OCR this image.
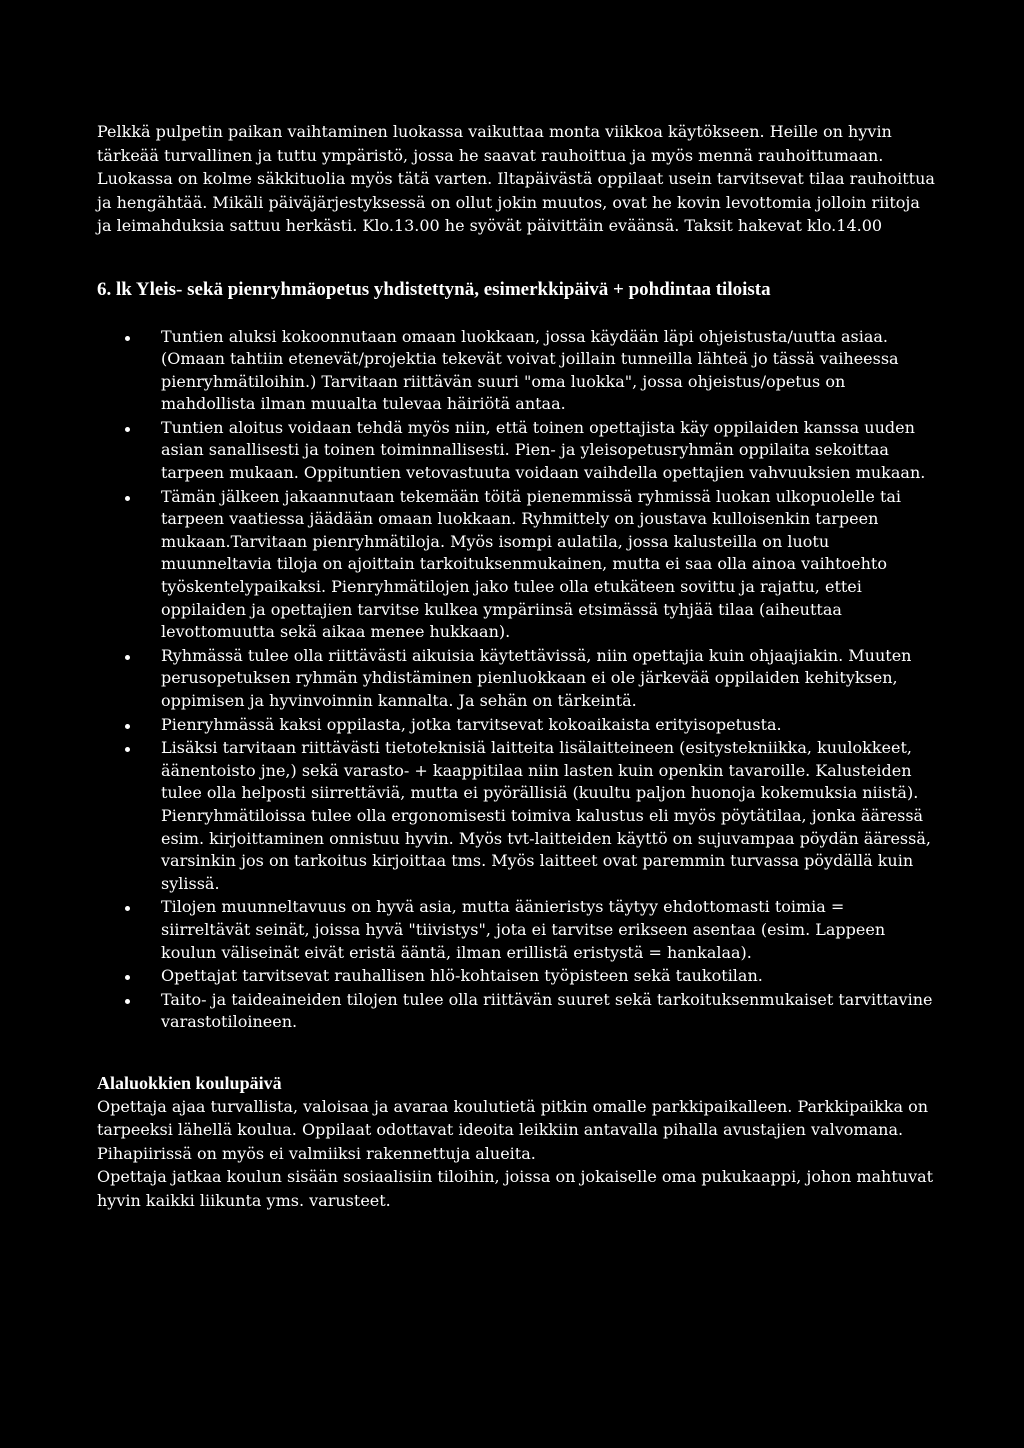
Pelkkä pulpetin paikan vaihtaminen luokassa vaikuttaa monta viikkoa käytökseen. Heille on hyvin tärkeää turvallinen ja tuttu ympäristö, jossa he saavat rauhoittua ja myös mennä rauhoittumaan. Luokassa on kolme säkkituolia myös tätä varten. Iltapäivästä oppilaat usein tarvitsevat tilaa rauhoittua ja hengähtää. Mikäli päiväjärjestyksessä on ollut jokin muutos, ovat he kovin levottomia jolloin riitoja ja leimahduksia sattuu herkästi. Klo.13.00 he syövät päivittäin eväänsä. Taksit hakevat klo.14.00

6. lk Yleis- sekä pienryhmäopetus yhdistettynä, esimerkkipäivä + pohdintaa tiloista
Tuntien aluksi kokoonnutaan omaan luokkaan, jossa käydään läpi ohjeistusta/uutta asiaa. (Omaan tahtiin etenevät/projektia tekevät voivat joillain tunneilla lähteä jo tässä vaiheessa pienryhmätiloihin.) Tarvitaan riittävän suuri "oma luokka", jossa ohjeistus/opetus on mahdollista ilman muualta tulevaa häiriötä antaa.
Tuntien aloitus voidaan tehdä myös niin, että toinen opettajista käy oppilaiden kanssa uuden asian sanallisesti ja toinen toiminnallisesti. Pien- ja yleisopetusryhmän oppilaita sekoittaa tarpeen mukaan. Oppituntien vetovastuuta voidaan vaihdella opettajien vahvuuksien mukaan.
Tämän jälkeen jakaannutaan tekemään töitä pienemmissä ryhmissä luokan ulkopuolelle tai tarpeen vaatiessa jäädään omaan luokkaan. Ryhmittely on joustava kulloisenkin tarpeen mukaan.Tarvitaan pienryhmätiloja. Myös isompi aulatila, jossa kalusteilla on luotu muunneltavia tiloja on ajoittain tarkoituksenmukainen, mutta ei saa olla ainoa vaihtoehto työskentelypaikaksi. Pienryhmätilojen jako tulee olla etukäteen sovittu ja rajattu, ettei oppilaiden ja opettajien tarvitse kulkea ympäriinsä etsimässä tyhjää tilaa (aiheuttaa levottomuutta sekä aikaa menee hukkaan).
Ryhmässä tulee olla riittävästi aikuisia käytettävissä, niin opettajia kuin ohjaajiakin. Muuten perusopetuksen ryhmän yhdistäminen pienluokkaan ei ole järkevää oppilaiden kehityksen, oppimisen ja hyvinvoinnin kannalta. Ja sehän on tärkeintä.
Pienryhmässä kaksi oppilasta, jotka tarvitsevat kokoaikaista erityisopetusta.
Lisäksi tarvitaan riittävästi tietoteknisiä laitteita lisälaitteineen (esitystekniikka, kuulokkeet, äänentoisto jne,) sekä varasto- + kaappitilaa niin lasten kuin openkin tavaroille. Kalusteiden tulee olla helposti siirrettäviä, mutta ei pyörällisiä (kuultu paljon huonoja kokemuksia niistä). Pienryhmätiloissa tulee olla ergonomisesti toimiva kalustus eli myös pöytätilaa, jonka ääressä esim. kirjoittaminen onnistuu hyvin. Myös tvt-laitteiden käyttö on sujuvampaa pöydän ääressä, varsinkin jos on tarkoitus kirjoittaa tms. Myös laitteet ovat paremmin turvassa pöydällä kuin sylissä.
Tilojen muunneltavuus on hyvä asia, mutta äänieristys täytyy ehdottomasti toimia = siirreltävät seinät, joissa hyvä "tiivistys", jota ei tarvitse erikseen asentaa (esim. Lappeen koulun väliseinät eivät eristä ääntä, ilman erillistä eristystä = hankalaa).
Opettajat tarvitsevat rauhallisen hlö-kohtaisen työpisteen sekä taukotilan.
Taito- ja taideaineiden tilojen tulee olla riittävän suuret sekä tarkoituksenmukaiset tarvittavine varastotiloineen.
Alaluokkien koulupäivä

Opettaja ajaa turvallista, valoisaa ja avaraa koulutietä pitkin omalle parkkipaikalleen. Parkkipaikka on tarpeeksi lähellä koulua. Oppilaat odottavat ideoita leikkiin antavalla pihalla avustajien valvomana. Pihapiirissä on myös ei valmiiksi rakennettuja alueita.

Opettaja jatkaa koulun sisään sosiaalisiin tiloihin, joissa on jokaiselle oma pukukaappi, johon mahtuvat hyvin kaikki liikunta yms. varusteet.
